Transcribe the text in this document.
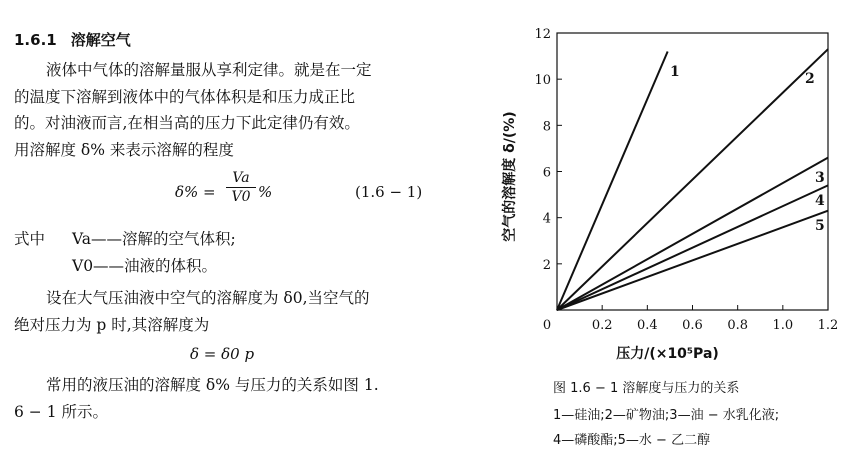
1.6.1 溶解空气

液体中气体的溶解量服从享利定律。就是在一定

的温度下溶解到液体中的气体体积是和压力成正比

的。对油液而言,在相当高的压力下此定律仍有效。

用溶解度 δ% 来表示溶解的程度

δ% =
Va
V0 %	(1.6 − 1)
式中 Va——溶解的空气体积;
V0——油液的体积。

设在大气压油液中空气的溶解度为 δ0,当空气的

绝对压力为 p 时,其溶解度为

δ = δ0 p

常用的液压油的溶解度 δ% 与压力的关系如图 1.

6 − 1 所示。

0	0.2 0.4 0.6 0.8 1.0 1.2
2
4
6
8
10
12
1	2
3
4
5
压力/(×10⁵Pa)
空气的溶解度 δ/(%)
图 1.6 − 1 溶解度与压力的关系
1—硅油;2—矿物油;3—油 − 水乳化液;
4—磷酸酯;5—水 − 乙二醇
